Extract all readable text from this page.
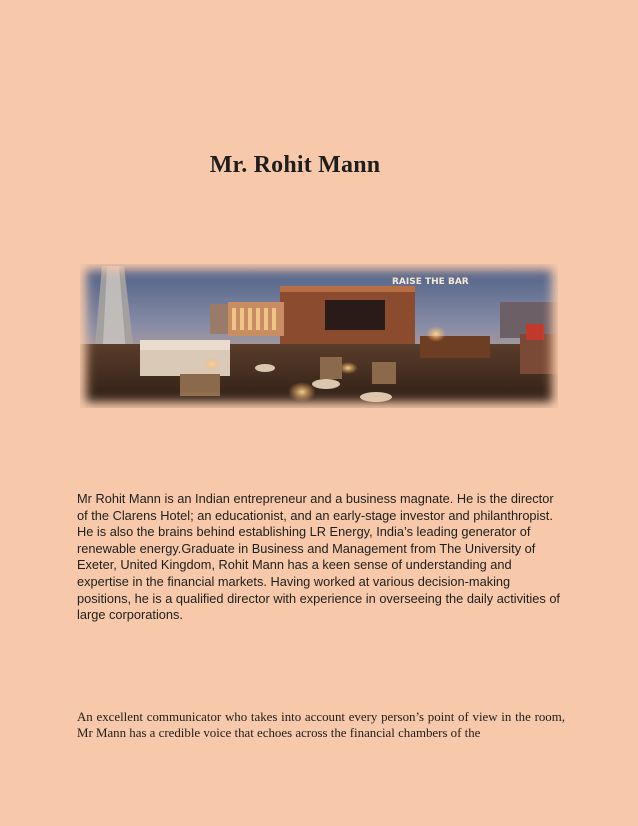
Mr. Rohit Mann
RAISE THE BAR
Mr Rohit Mann is an Indian entrepreneur and a business magnate. He is the director of the Clarens Hotel; an educationist, and an early-stage investor and philanthropist. He is also the brains behind establishing LR Energy, India’s leading generator of renewable energy.Graduate in Business and Management from The University of Exeter, United Kingdom, Rohit Mann has a keen sense of understanding and expertise in the financial markets. Having worked at various decision-making positions, he is a qualified director with experience in overseeing the daily activities of large corporations.
An excellent communicator who takes into account every person’s point of view in the room, Mr Mann has a credible voice that echoes across the financial chambers of the
